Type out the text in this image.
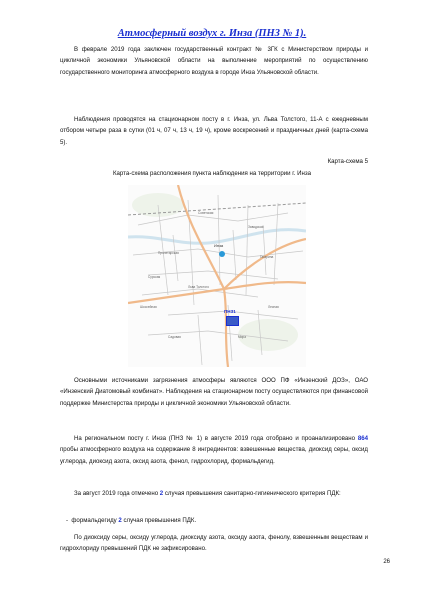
Атмосферный воздух г. Инза (ПНЗ № 1).

В феврале 2019 года заключен государственный контракт № 3ГК с Министерством природы и цикличной экономики Ульяновской области на выполнение мероприятий по осуществлению государственного мониторинга атмосферного воздуха в городе Инза Ульяновской области.

Наблюдения проводятся на стационарном посту в г. Инза, ул. Льва Толстого, 11-А с ежедневным отбором четыре раза в сутки (01 ч, 07 ч, 13 ч, 19 ч), кроме воскресений и праздничных дней (карта-схема 5).

Карта-схема 5
Карта-схема расположения пункта наблюдения на территории г. Инза
Инза
ПНЗ1
Советская
Заводская
Пролетарская
Гагарина
Льва Толстого
Шоссейная	Лесная
Сурская
Мира
Садовая

Основными источниками загрязнения атмосферы являются ООО ПФ «Инзенский ДОЗ», ОАО «Инзенский Диатомовый комбинат». Наблюдения на стационарном посту осуществляются при финансовой поддержке Министерства природы и цикличной экономики Ульяновской области.

На региональном посту г. Инза (ПНЗ № 1) в августе 2019 года отобрано и проанализировано 864 пробы атмосферного воздуха на содержание 8 ингредиентов: взвешенные вещества, диоксид серы, оксид углерода, диоксид азота, оксид азота, фенол, гидрохлорид, формальдегид.

За август 2019 года отмечено 2 случая превышения санитарно-гигиенического критерия ПДК:

- формальдегиду 2 случая превышения ПДК.

По диоксиду серы, оксиду углерода, диоксиду азота, оксиду азота, фенолу, взвешенным веществам и гидрохлориду превышений ПДК не зафиксировано.

26
